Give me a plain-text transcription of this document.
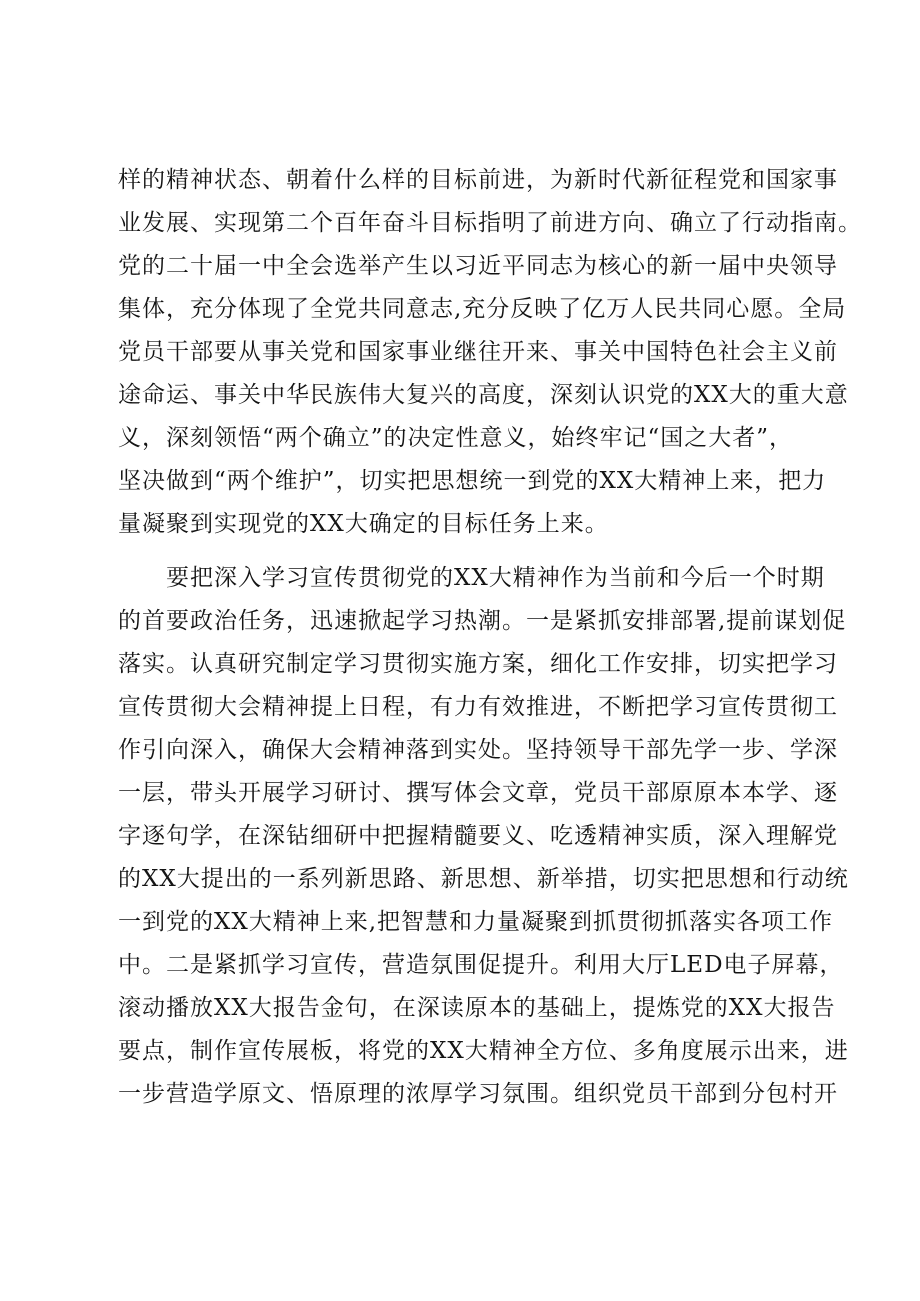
样的精神状态、朝着什么样的目标前进，为新时代新征程党和国家事
业发展、实现第二个百年奋斗目标指明了前进方向、确立了行动指南。
党的二十届一中全会选举产生以习近平同志为核心的新一届中央领导
集体，充分体现了全党共同意志,充分反映了亿万人民共同心愿。全局
党员干部要从事关党和国家事业继往开来、事关中国特色社会主义前
途命运、事关中华民族伟大复兴的高度，深刻认识党的XX大的重大意
义，深刻领悟“两个确立”的决定性意义，始终牢记“国之大者”，
坚决做到“两个维护”，切实把思想统一到党的XX大精神上来，把力
量凝聚到实现党的XX大确定的目标任务上来。
要把深入学习宣传贯彻党的XX大精神作为当前和今后一个时期
的首要政治任务，迅速掀起学习热潮。一是紧抓安排部署,提前谋划促
落实。认真研究制定学习贯彻实施方案，细化工作安排，切实把学习
宣传贯彻大会精神提上日程，有力有效推进，不断把学习宣传贯彻工
作引向深入，确保大会精神落到实处。坚持领导干部先学一步、学深
一层，带头开展学习研讨、撰写体会文章，党员干部原原本本学、逐
字逐句学，在深钻细研中把握精髓要义、吃透精神实质，深入理解党
的XX大提出的一系列新思路、新思想、新举措，切实把思想和行动统
一到党的XX大精神上来,把智慧和力量凝聚到抓贯彻抓落实各项工作
中。二是紧抓学习宣传，营造氛围促提升。利用大厅LED电子屏幕，
滚动播放XX大报告金句，在深读原本的基础上，提炼党的XX大报告
要点，制作宣传展板，将党的XX大精神全方位、多角度展示出来，进
一步营造学原文、悟原理的浓厚学习氛围。组织党员干部到分包村开
